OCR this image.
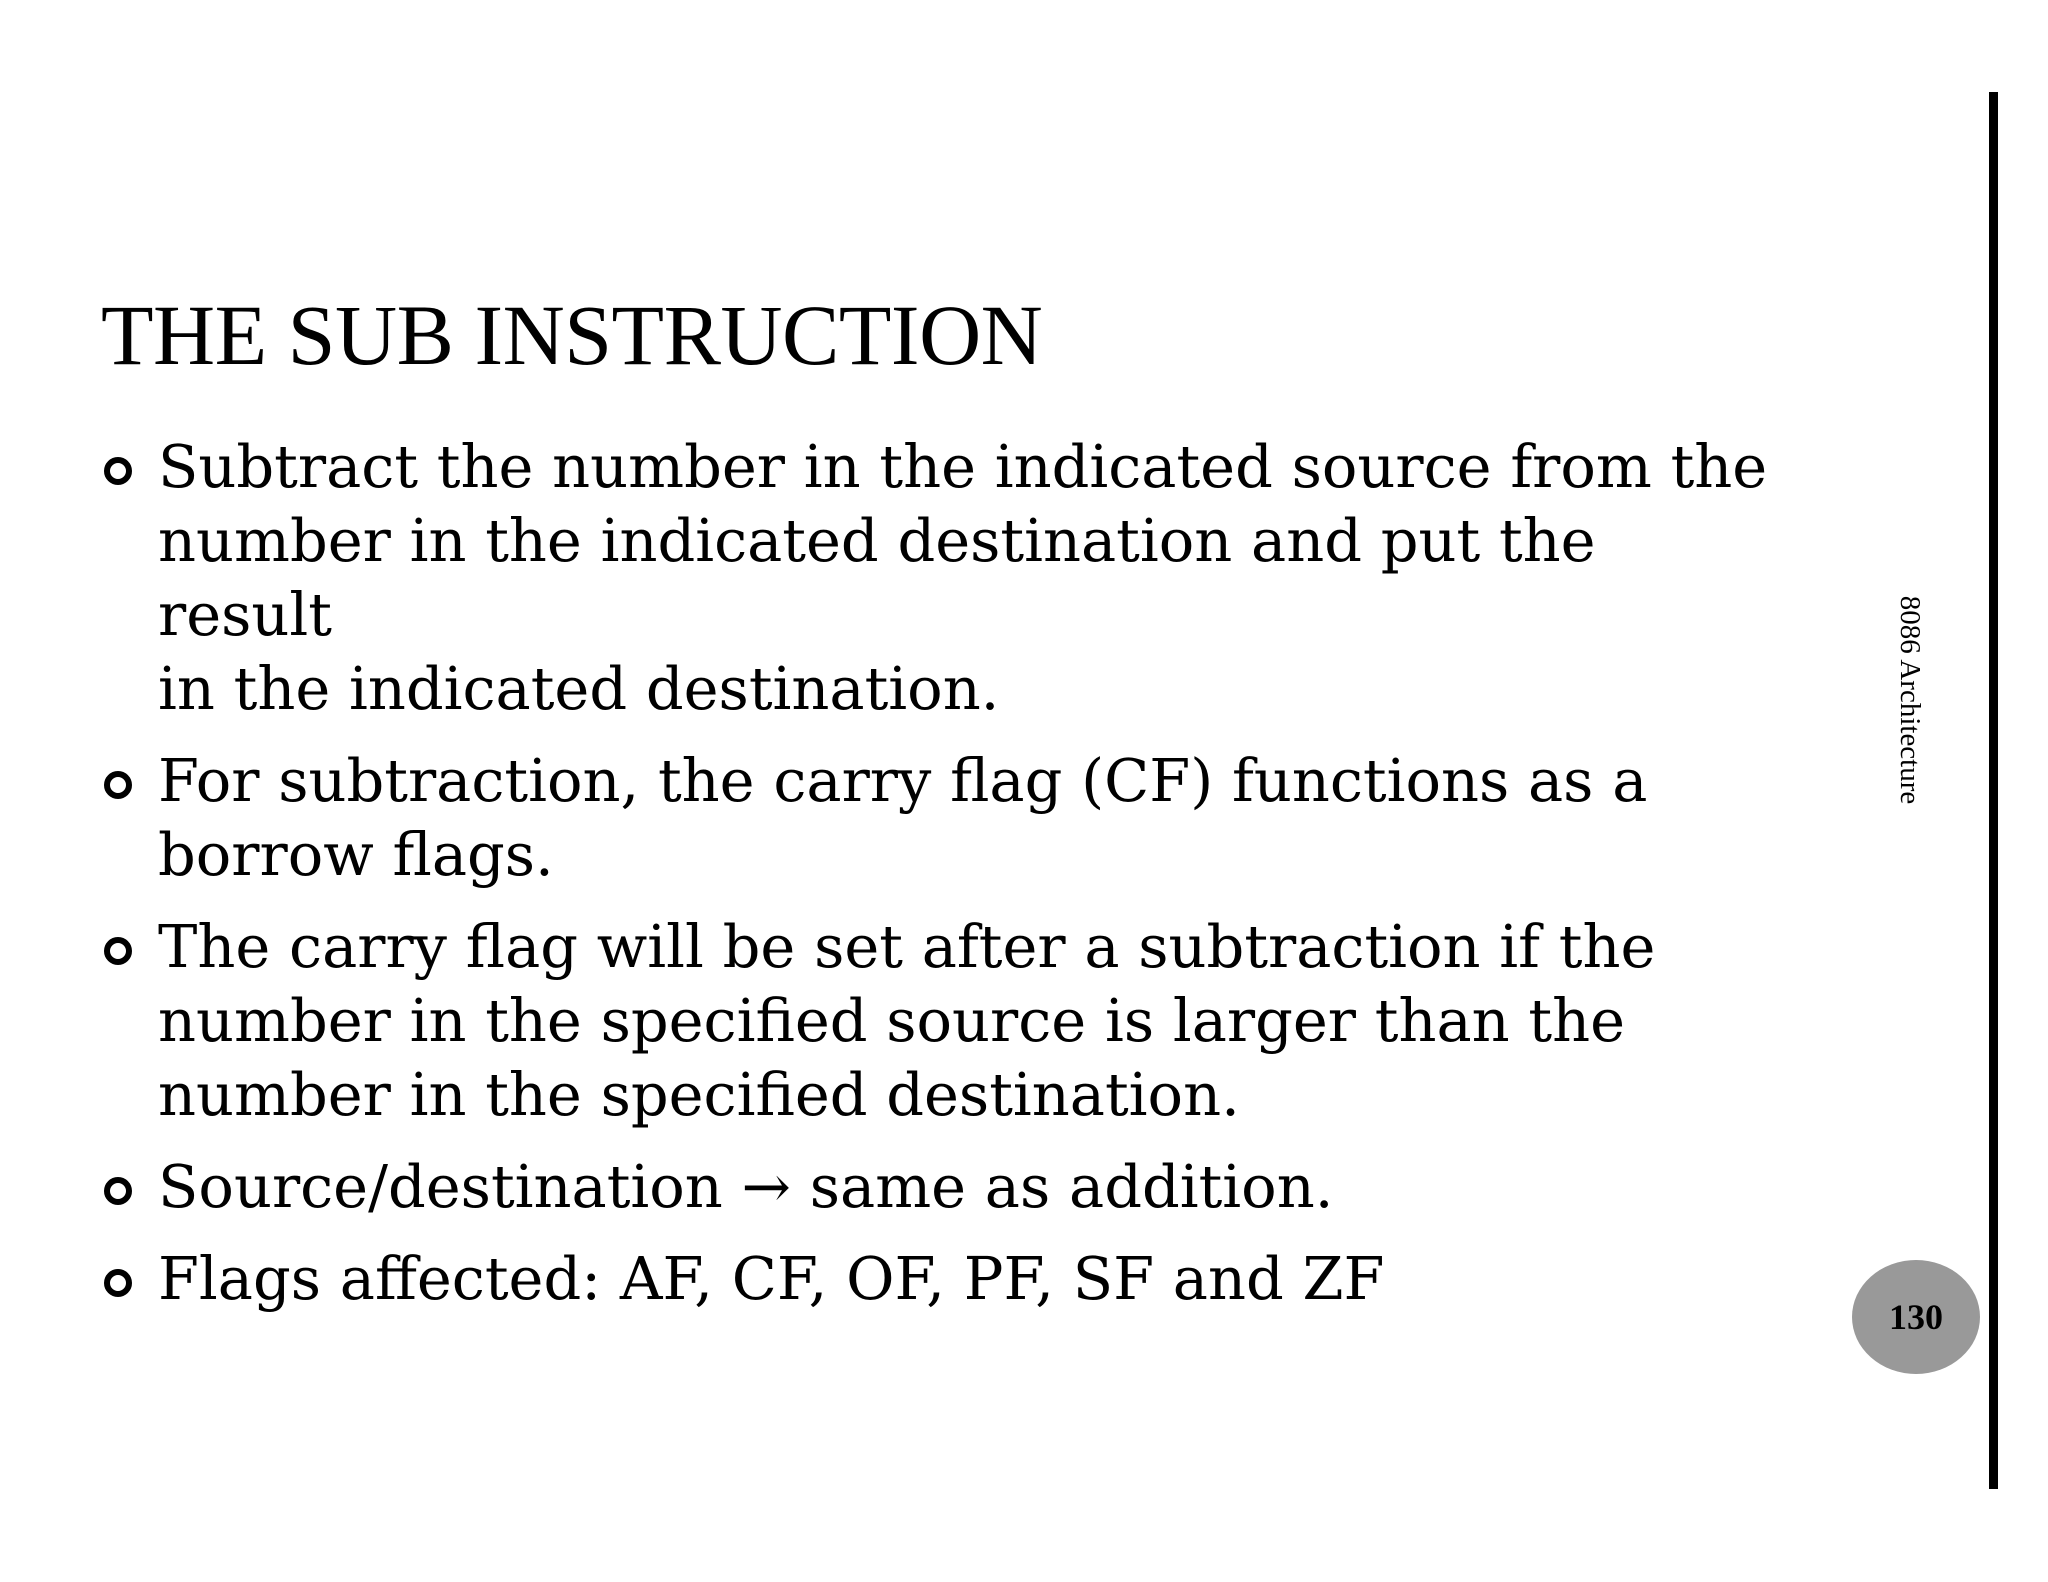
THE SUB INSTRUCTION
Subtract the number in the indicated source from the
number in the indicated destination and put the result
in the indicated destination.
For subtraction, the carry flag (CF) functions as a
borrow flags.
The carry flag will be set after a subtraction if the
number in the specified source is larger than the
number in the specified destination.
Source/destination → same as addition.
Flags affected: AF, CF, OF, PF, SF and ZF
8086 Architecture
130
